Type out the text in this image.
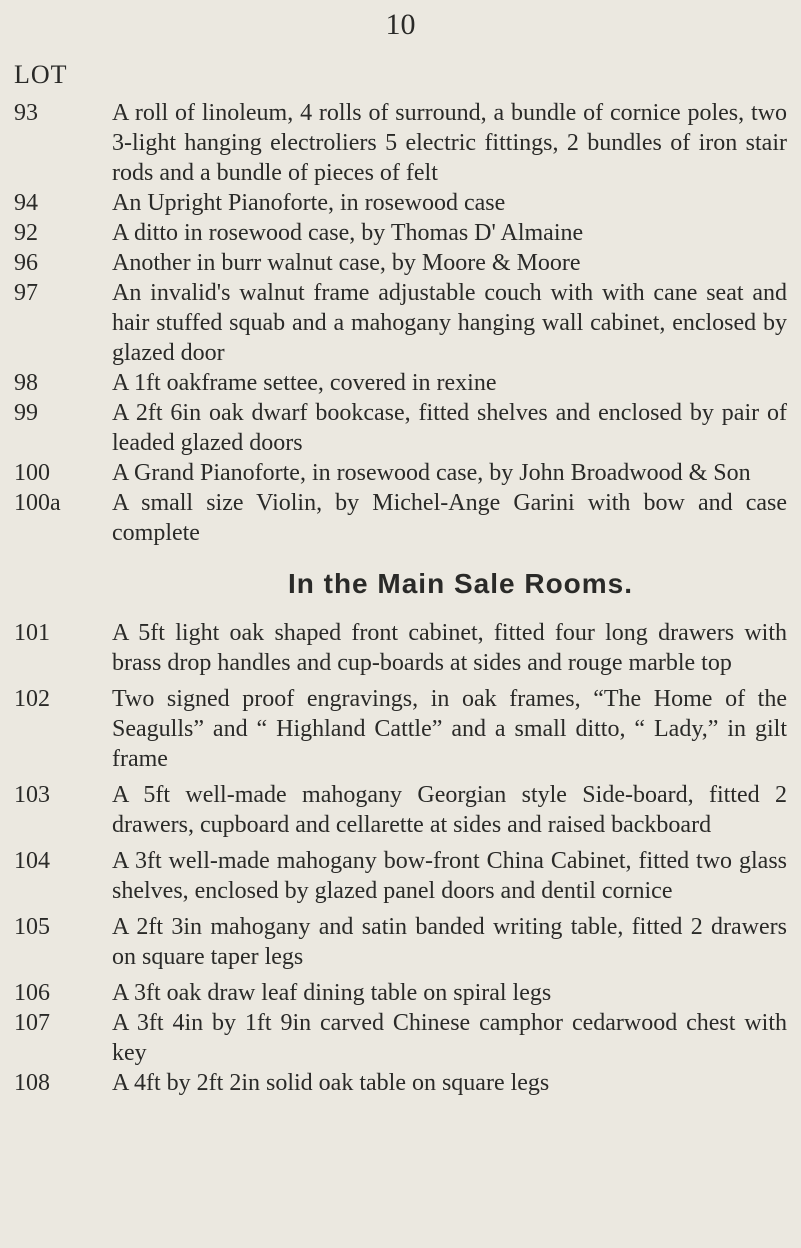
10
LOT
93	A roll of linoleum, 4 rolls of surround, a bundle of cornice poles, two 3-light hanging electroliers 5 electric fittings, 2 bundles of iron stair rods and a bundle of pieces of felt
94	An Upright Pianoforte, in rosewood case
92	A ditto in rosewood case, by Thomas D' Almaine
96	Another in burr walnut case, by Moore & Moore
97	An invalid's walnut frame adjustable couch with with cane seat and hair stuffed squab and a mahogany hanging wall cabinet, enclosed by glazed door
98	A 1ft oakframe settee, covered in rexine
99	A 2ft 6in oak dwarf bookcase, fitted shelves and enclosed by pair of leaded glazed doors
100	A Grand Pianoforte, in rosewood case, by John Broadwood & Son
100a	A small size Violin, by Michel-Ange Garini with bow and case complete
In the Main Sale Rooms.
101	A 5ft light oak shaped front cabinet, fitted four long drawers with brass drop handles and cup-boards at sides and rouge marble top
102	Two signed proof engravings, in oak frames, “The Home of the Seagulls” and “ Highland Cattle” and a small ditto, “ Lady,” in gilt frame
103	A 5ft well-made mahogany Georgian style Side-board, fitted 2 drawers, cupboard and cellarette at sides and raised backboard
104	A 3ft well-made mahogany bow-front China Cabinet, fitted two glass shelves, enclosed by glazed panel doors and dentil cornice
105	A 2ft 3in mahogany and satin banded writing table, fitted 2 drawers on square taper legs
106	A 3ft oak draw leaf dining table on spiral legs
107	A 3ft 4in by 1ft 9in carved Chinese camphor cedarwood chest with key
108	A 4ft by 2ft 2in solid oak table on square legs
